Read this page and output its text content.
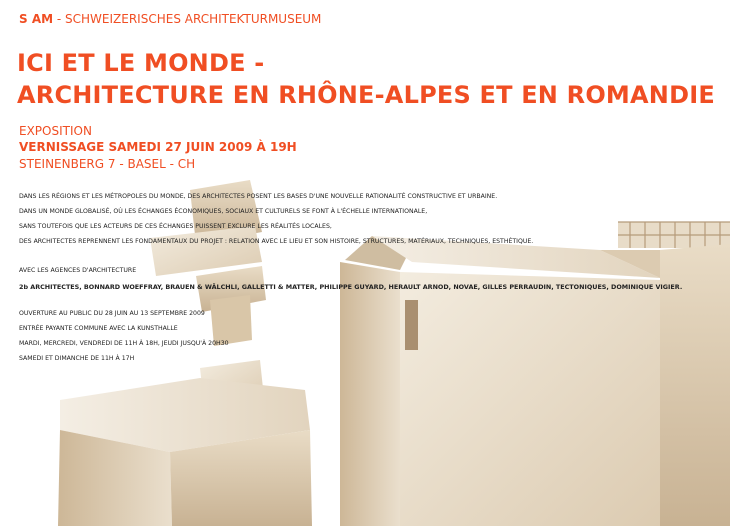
S AM - SCHWEIZERISCHES ARCHITEKTURMUSEUM
ICI ET LE MONDE -
ARCHITECTURE EN RHÔNE-ALPES ET EN ROMANDIE
EXPOSITION
VERNISSAGE SAMEDI 27 JUIN 2009 À 19H
STEINENBERG 7 - BASEL - CH
DANS LES RÉGIONS ET LES MÉTROPOLES DU MONDE, DES ARCHITECTES POSENT LES BASES D'UNE NOUVELLE RATIONALITÉ CONSTRUCTIVE ET URBAINE.
DANS UN MONDE GLOBALISÉ, OÙ LES ÉCHANGES ÉCONOMIQUES, SOCIAUX ET CULTURELS SE FONT À L'ÉCHELLE INTERNATIONALE,
SANS TOUTEFOIS QUE LES ACTEURS DE CES ÉCHANGES PUISSENT EXCLURE LES RÉALITÉS LOCALES,
DES ARCHITECTES REPRENNENT LES FONDAMENTAUX DU PROJET : RELATION AVEC LE LIEU ET SON HISTOIRE, STRUCTURES, MATÉRIAUX, TECHNIQUES, ESTHÉTIQUE.
AVEC LES AGENCES D'ARCHITECTURE
2b ARCHITECTES, BONNARD WOEFFRAY, BRAUEN & WÄLCHLI, GALLETTI & MATTER, PHILIPPE GUYARD, HERAULT ARNOD, NOVAE, GILLES PERRAUDIN, TECTONIQUES, DOMINIQUE VIGIER.
OUVERTURE AU PUBLIC DU 28 JUIN AU 13 SEPTEMBRE 2009
ENTRÉE PAYANTE COMMUNE AVEC LA KUNSTHALLE
MARDI, MERCREDI, VENDREDI DE 11H À 18H, JEUDI JUSQU'À 20H30
SAMEDI ET DIMANCHE DE 11H À 17H
